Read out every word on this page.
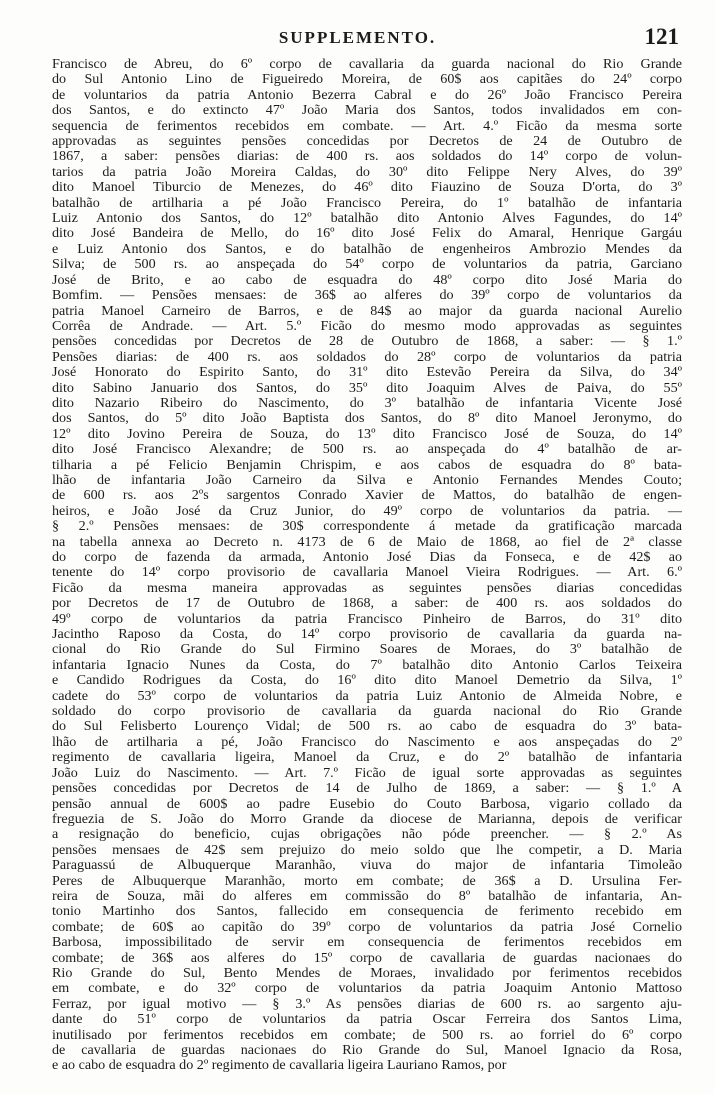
SUPPLEMENTO.	121
Francisco de Abreu, do 6º corpo de cavallaria da guarda nacional do Rio Grande
do Sul Antonio Lino de Figueiredo Moreira, de 60$ aos capitães do 24º corpo
de voluntarios da patria Antonio Bezerra Cabral e do 26º João Francisco Pereira
dos Santos, e do extincto 47º João Maria dos Santos, todos invalidados em con-
sequencia de ferimentos recebidos em combate. — Art. 4.º Ficão da mesma sorte
approvadas as seguintes pensões concedidas por Decretos de 24 de Outubro de
1867, a saber: pensões diarias: de 400 rs. aos soldados do 14º corpo de volun-
tarios da patria João Moreira Caldas, do 30º dito Felippe Nery Alves, do 39º
dito Manoel Tiburcio de Menezes, do 46º dito Fiauzino de Souza D'orta, do 3º
batalhão de artilharia a pé João Francisco Pereira, do 1º batalhão de infantaria
Luiz Antonio dos Santos, do 12º batalhão dito Antonio Alves Fagundes, do 14º
dito José Bandeira de Mello, do 16º dito José Felix do Amaral, Henrique Gargáu
e Luiz Antonio dos Santos, e do batalhão de engenheiros Ambrozio Mendes da
Silva; de 500 rs. ao anspeçada do 54º corpo de voluntarios da patria, Garciano
José de Brito, e ao cabo de esquadra do 48º corpo dito José Maria do
Bomfim. — Pensões mensaes: de 36$ ao alferes do 39º corpo de voluntarios da
patria Manoel Carneiro de Barros, e de 84$ ao major da guarda nacional Aurelio
Corrêa de Andrade. — Art. 5.º Ficão do mesmo modo approvadas as seguintes
pensões concedidas por Decretos de 28 de Outubro de 1868, a saber: — § 1.º
Pensões diarias: de 400 rs. aos soldados do 28º corpo de voluntarios da patria
José Honorato do Espirito Santo, do 31º dito Estevão Pereira da Silva, do 34º
dito Sabino Januario dos Santos, do 35º dito Joaquim Alves de Paiva, do 55º
dito Nazario Ribeiro do Nascimento, do 3º batalhão de infantaria Vicente José
dos Santos, do 5º dito João Baptista dos Santos, do 8º dito Manoel Jeronymo, do
12º dito Jovino Pereira de Souza, do 13º dito Francisco José de Souza, do 14º
dito José Francisco Alexandre; de 500 rs. ao anspeçada do 4º batalhão de ar-
tilharia a pé Felicio Benjamin Chrispim, e aos cabos de esquadra do 8º bata-
lhão de infantaria João Carneiro da Silva e Antonio Fernandes Mendes Couto;
de 600 rs. aos 2ºs sargentos Conrado Xavier de Mattos, do batalhão de engen-
heiros, e João José da Cruz Junior, do 49º corpo de voluntarios da patria. —
§ 2.º Pensões mensaes: de 30$ correspondente á metade da gratificação marcada
na tabella annexa ao Decreto n. 4173 de 6 de Maio de 1868, ao fiel de 2ª classe
do corpo de fazenda da armada, Antonio José Dias da Fonseca, e de 42$ ao
tenente do 14º corpo provisorio de cavallaria Manoel Vieira Rodrigues. — Art. 6.º
Ficão da mesma maneira approvadas as seguintes pensões diarias concedidas
por Decretos de 17 de Outubro de 1868, a saber: de 400 rs. aos soldados do
49º corpo de voluntarios da patria Francisco Pinheiro de Barros, do 31º dito
Jacintho Raposo da Costa, do 14º corpo provisorio de cavallaria da guarda na-
cional do Rio Grande do Sul Firmino Soares de Moraes, do 3º batalhão de
infantaria Ignacio Nunes da Costa, do 7º batalhão dito Antonio Carlos Teixeira
e Candido Rodrigues da Costa, do 16º dito dito Manoel Demetrio da Silva, 1º
cadete do 53º corpo de voluntarios da patria Luiz Antonio de Almeida Nobre, e
soldado do corpo provisorio de cavallaria da guarda nacional do Rio Grande
do Sul Felisberto Lourenço Vidal; de 500 rs. ao cabo de esquadra do 3º bata-
lhão de artilharia a pé, João Francisco do Nascimento e aos anspeçadas do 2º
regimento de cavallaria ligeira, Manoel da Cruz, e do 2º batalhão de infantaria
João Luiz do Nascimento. — Art. 7.º Ficão de igual sorte approvadas as seguintes
pensões concedidas por Decretos de 14 de Julho de 1869, a saber: — § 1.º A
pensão annual de 600$ ao padre Eusebio do Couto Barbosa, vigario collado da
freguezia de S. João do Morro Grande da diocese de Marianna, depois de verificar
a resignação do beneficio, cujas obrigações não póde preencher. — § 2.º As
pensões mensaes de 42$ sem prejuizo do meio soldo que lhe competir, a D. Maria
Paraguassú de Albuquerque Maranhão, viuva do major de infantaria Timoleão
Peres de Albuquerque Maranhão, morto em combate; de 36$ a D. Ursulina Fer-
reira de Souza, mãi do alferes em commissão do 8º batalhão de infantaria, An-
tonio Martinho dos Santos, fallecido em consequencia de ferimento recebido em
combate; de 60$ ao capitão do 39º corpo de voluntarios da patria José Cornelio
Barbosa, impossibilitado de servir em consequencia de ferimentos recebidos em
combate; de 36$ aos alferes do 15º corpo de cavallaria de guardas nacionaes do
Rio Grande do Sul, Bento Mendes de Moraes, invalidado por ferimentos recebidos
em combate, e do 32º corpo de voluntarios da patria Joaquim Antonio Mattoso
Ferraz, por igual motivo — § 3.º As pensões diarias de 600 rs. ao sargento aju-
dante do 51º corpo de voluntarios da patria Oscar Ferreira dos Santos Lima,
inutilisado por ferimentos recebidos em combate; de 500 rs. ao forriel do 6º corpo
de cavallaria de guardas nacionaes do Rio Grande do Sul, Manoel Ignacio da Rosa,
e ao cabo de esquadra do 2º regimento de cavallaria ligeira Lauriano Ramos, por
